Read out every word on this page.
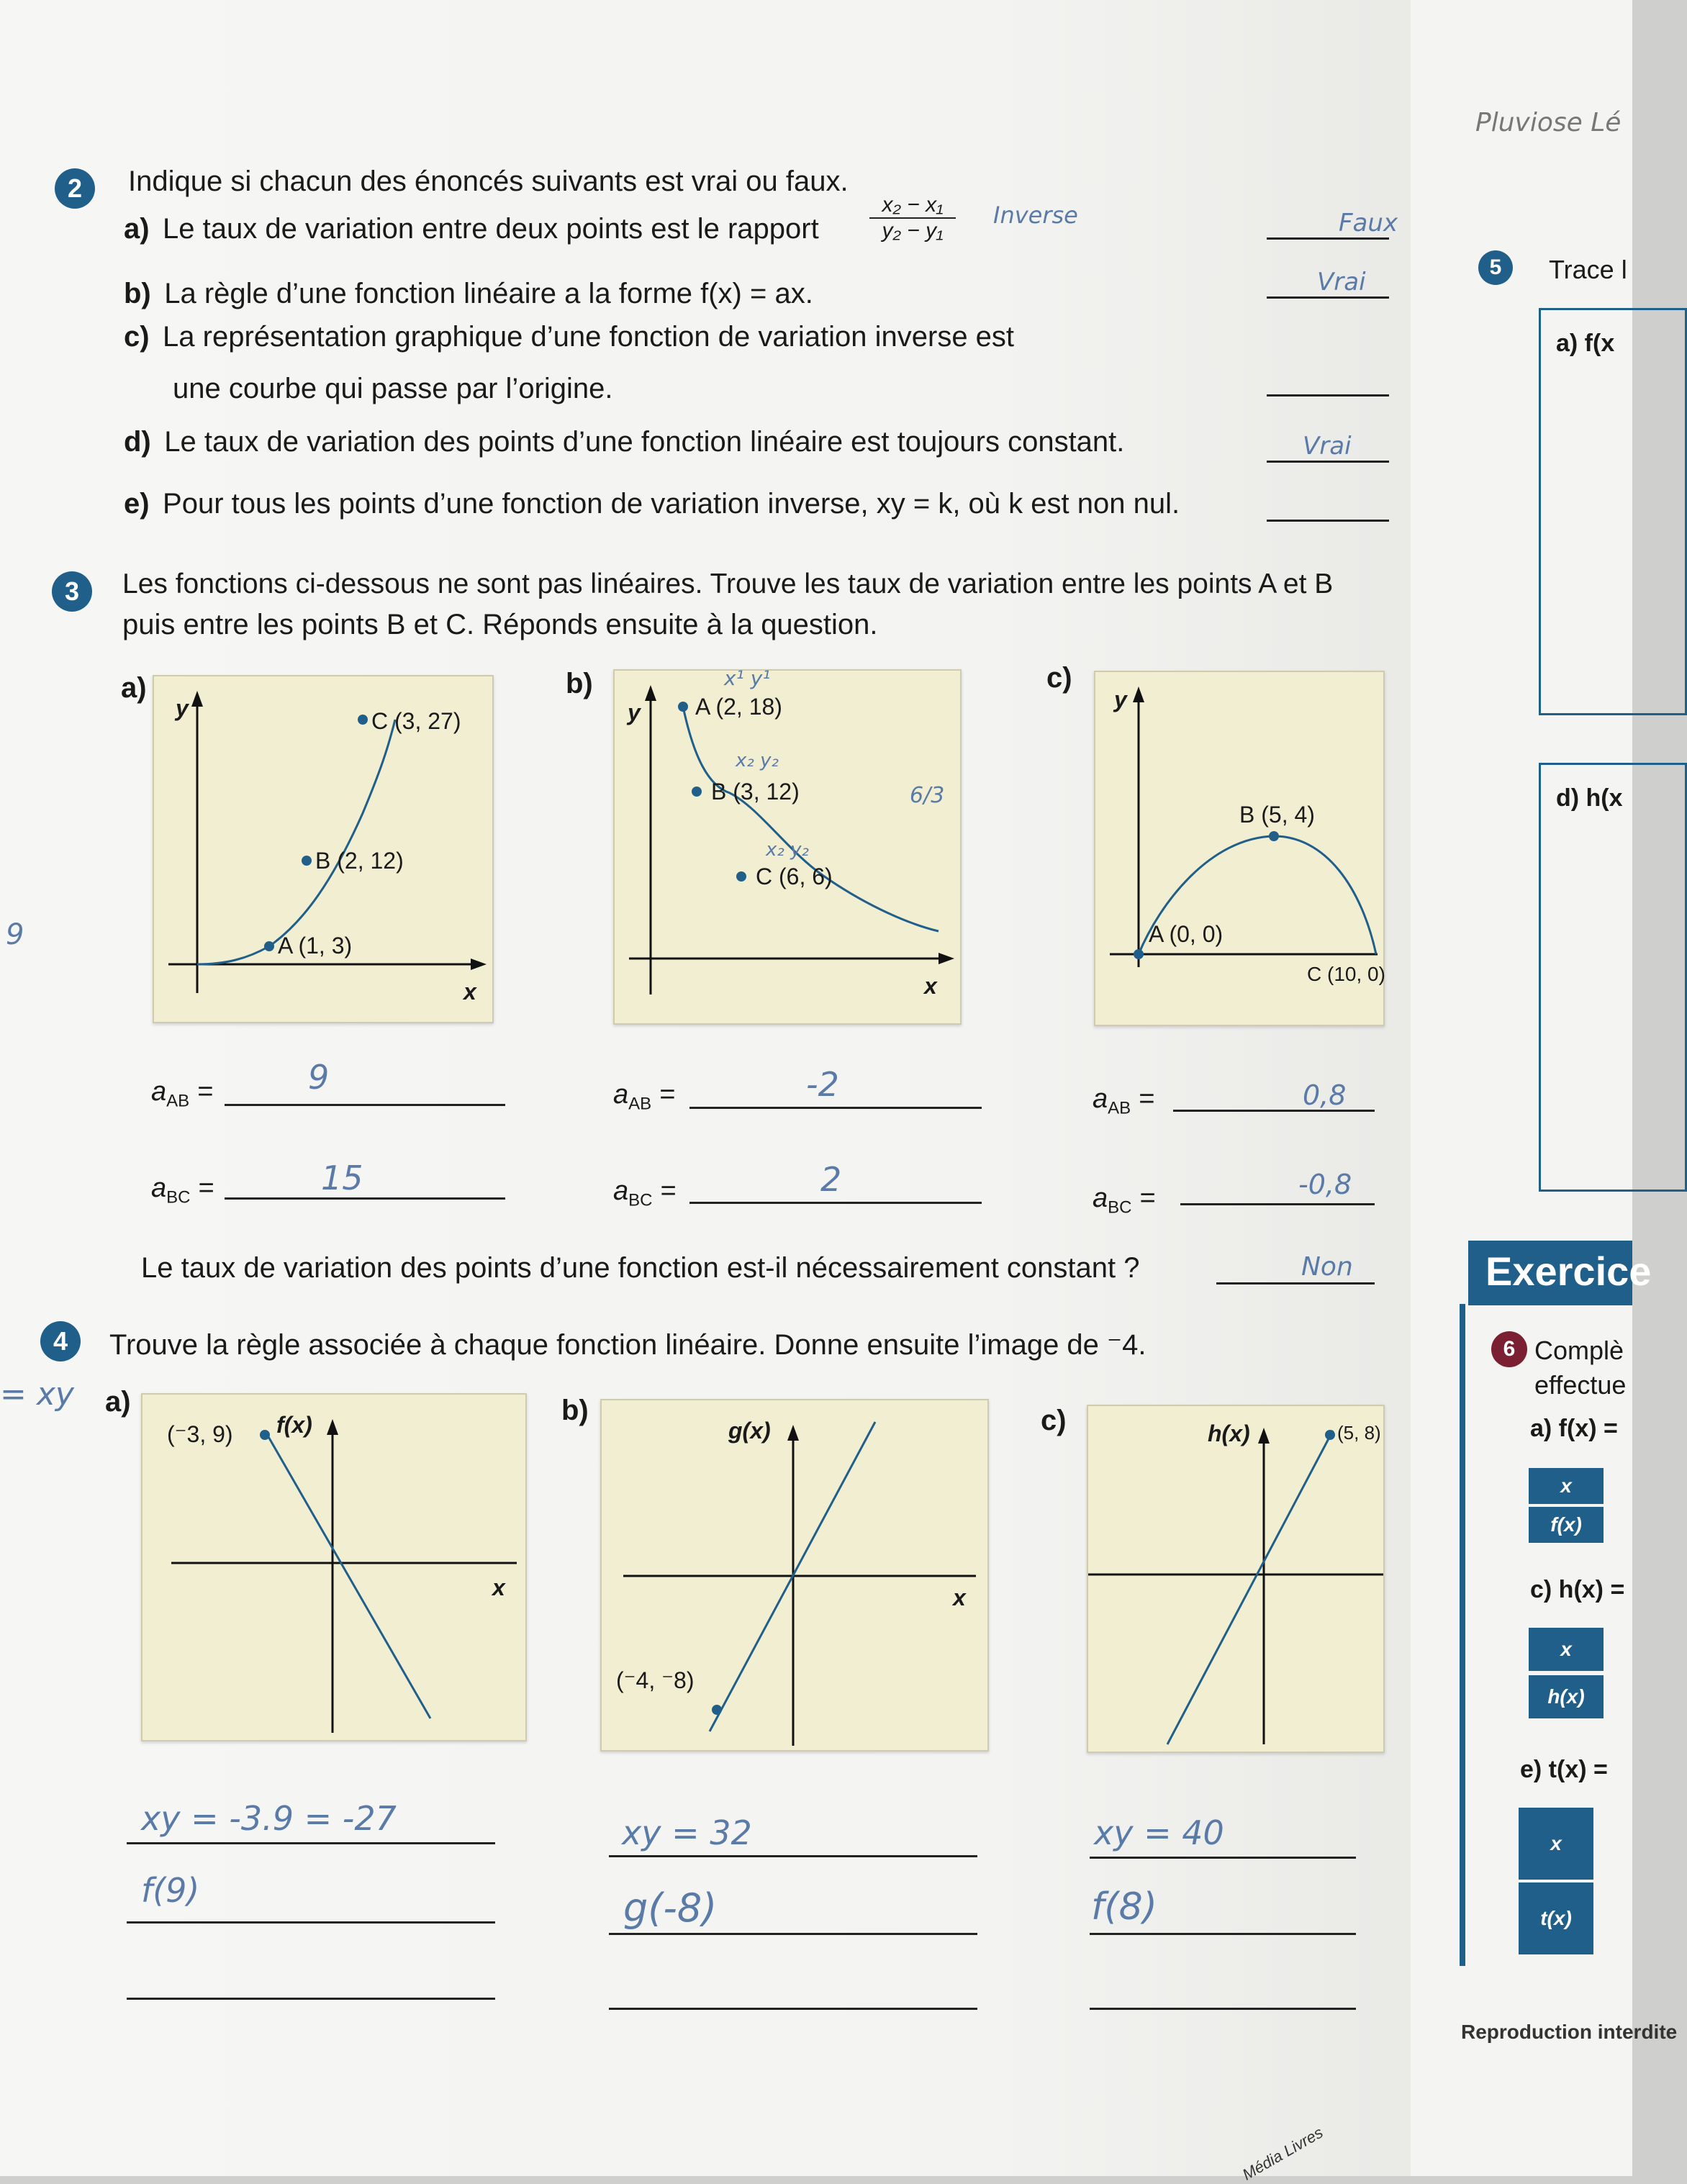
2	Indique si chacun des énoncés suivants est vrai ou faux.
a) Le taux de variation entre deux points est le rapport $\frac{\text{x₂ − x₁}}{\text{y₂ − y₁}}$ Inverse	Faux
b) La règle d’une fonction linéaire a la forme f(x) = ax.	Vrai
c) La représentation graphique d’une fonction de variation inverse est
une courbe qui passe par l’origine.
d) Le taux de variation des points d’une fonction linéaire est toujours constant.	Vrai
e) Pour tous les points d’une fonction de variation inverse, xy = k, où k est non nul.
3	Les fonctions ci-dessous ne sont pas linéaires. Trouve les taux de variation entre les points A et B
puis entre les points B et C. Réponds ensuite à la question.
a)
y
x
A (1, 3)
B (2, 12)
C (3, 27)
b)
y
x
A (2, 18)
B (3, 12)
C (6, 6)
x¹ y¹
x₂ y₂
x₂ y₂
6/3
c)
y
A (0, 0)
B (5, 4)
C (10, 0)
$a_{AB}$ =	9	$a_{AB}$ =	-2	$a_{AB}$ =	0,8
$a_{BC}$ =	15	$a_{BC}$ =	2	$a_{BC}$ =	-0,8
Le taux de variation des points d’une fonction est-il nécessairement constant ?	Non
4	Trouve la règle associée à chaque fonction linéaire. Donne ensuite l’image de ⁻4.
= xy
9
a)
(⁻3, 9) f(x)
x
b)
g(x)
x
(⁻4, ⁻8)
c)	h(x)	(5, 8)
xy = -3.9 = -27
f(9)
xy = 32
g(-8)
xy = 40
f(8)
Média Livres
Pluviose Lé
5	Trace l
a) f(x
d) h(x
Exercice
6 Complè
effectue
a) f(x) =
x
f(x)
c) h(x) =
x
h(x)
e) t(x) =
x
t(x)
Reproduction interdite
